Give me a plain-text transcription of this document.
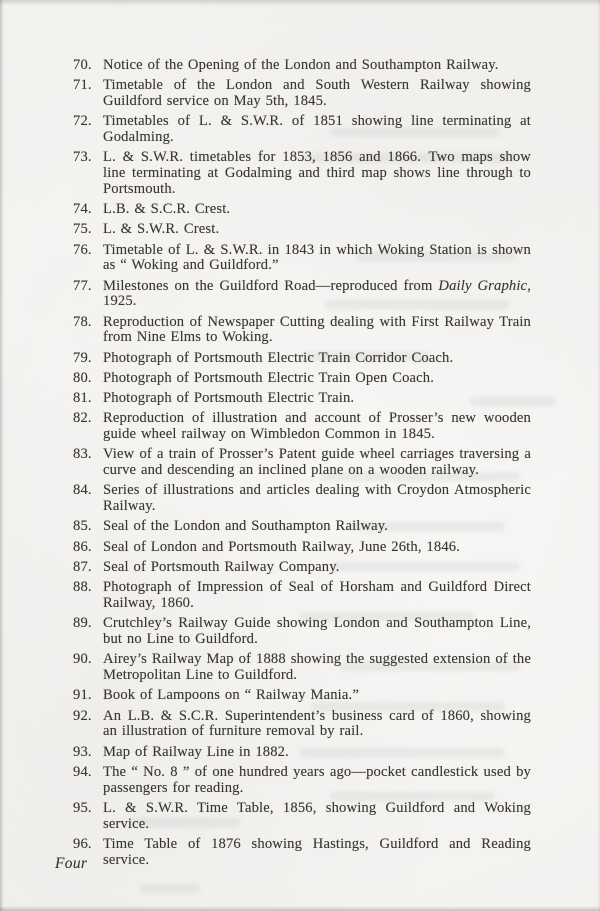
70. Notice of the Opening of the London and Southampton Railway.
71. Timetable of the London and South Western Railway showing Guildford service on May 5th, 1845.
72. Timetables of L. & S.W.R. of 1851 showing line terminating at Godalming.
73. L. & S.W.R. timetables for 1853, 1856 and 1866. Two maps show line terminating at Godalming and third map shows line through to Portsmouth.
74. L.B. & S.C.R. Crest.
75. L. & S.W.R. Crest.
76. Timetable of L. & S.W.R. in 1843 in which Woking Station is shown as “ Woking and Guildford.”
77. Milestones on the Guildford Road—reproduced from Daily Graphic, 1925.
78. Reproduction of Newspaper Cutting dealing with First Railway Train from Nine Elms to Woking.
79. Photograph of Portsmouth Electric Train Corridor Coach.
80. Photograph of Portsmouth Electric Train Open Coach.
81. Photograph of Portsmouth Electric Train.
82. Reproduction of illustration and account of Prosser’s new wooden guide wheel railway on Wimbledon Common in 1845.
83. View of a train of Prosser’s Patent guide wheel carriages traversing a curve and descending an inclined plane on a wooden railway.
84. Series of illustrations and articles dealing with Croydon Atmospheric Railway.
85. Seal of the London and Southampton Railway.
86. Seal of London and Portsmouth Railway, June 26th, 1846.
87. Seal of Portsmouth Railway Company.
88. Photograph of Impression of Seal of Horsham and Guildford Direct Railway, 1860.
89. Crutchley’s Railway Guide showing London and Southampton Line, but no Line to Guildford.
90. Airey’s Railway Map of 1888 showing the suggested extension of the Metropolitan Line to Guildford.
91. Book of Lampoons on “ Railway Mania.”
92. An L.B. & S.C.R. Superintendent’s business card of 1860, showing an illustration of furniture removal by rail.
93. Map of Railway Line in 1882.
94. The “ No. 8 ” of one hundred years ago—pocket candlestick used by passengers for reading.
95. L. & S.W.R. Time Table, 1856, showing Guildford and Woking service.
96. Time Table of 1876 showing Hastings, Guildford and Reading service.
Four
